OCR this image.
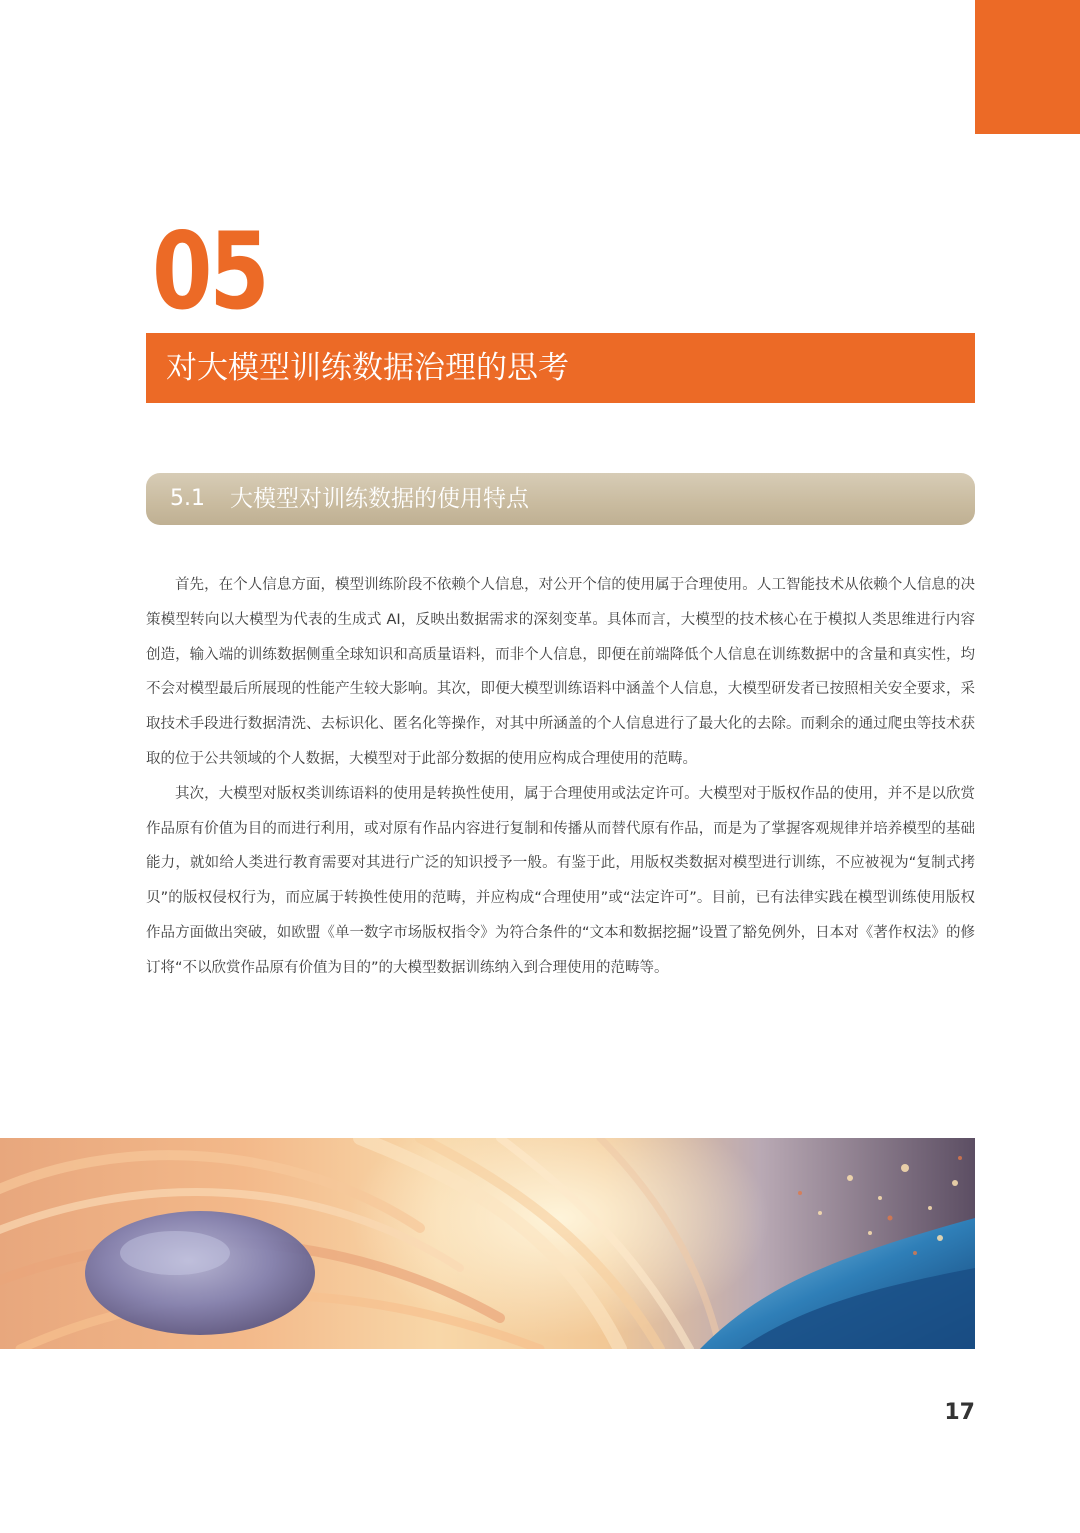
05
对大模型训练数据治理的思考
5.1 大模型对训练数据的使用特点

首先，在个人信息方面，模型训练阶段不依赖个人信息，对公开个信的使用属于合理使用。人工智能技术从依赖个人信息的决策模型转向以大模型为代表的生成式 AI，反映出数据需求的深刻变革。具体而言，大模型的技术核心在于模拟人类思维进行内容创造，输入端的训练数据侧重全球知识和高质量语料，而非个人信息，即便在前端降低个人信息在训练数据中的含量和真实性，均不会对模型最后所展现的性能产生较大影响。其次，即便大模型训练语料中涵盖个人信息，大模型研发者已按照相关安全要求，采取技术手段进行数据清洗、去标识化、匿名化等操作，对其中所涵盖的个人信息进行了最大化的去除。而剩余的通过爬虫等技术获取的位于公共领域的个人数据，大模型对于此部分数据的使用应构成合理使用的范畴。

其次，大模型对版权类训练语料的使用是转换性使用，属于合理使用或法定许可。大模型对于版权作品的使用，并不是以欣赏作品原有价值为目的而进行利用，或对原有作品内容进行复制和传播从而替代原有作品，而是为了掌握客观规律并培养模型的基础能力，就如给人类进行教育需要对其进行广泛的知识授予一般。有鉴于此，用版权类数据对模型进行训练，不应被视为“复制式拷贝”的版权侵权行为，而应属于转换性使用的范畴，并应构成“合理使用”或“法定许可”。目前，已有法律实践在模型训练使用版权作品方面做出突破，如欧盟《单一数字市场版权指令》为符合条件的“文本和数据挖掘”设置了豁免例外，日本对《著作权法》的修订将“不以欣赏作品原有价值为目的”的大模型数据训练纳入到合理使用的范畴等。

17
